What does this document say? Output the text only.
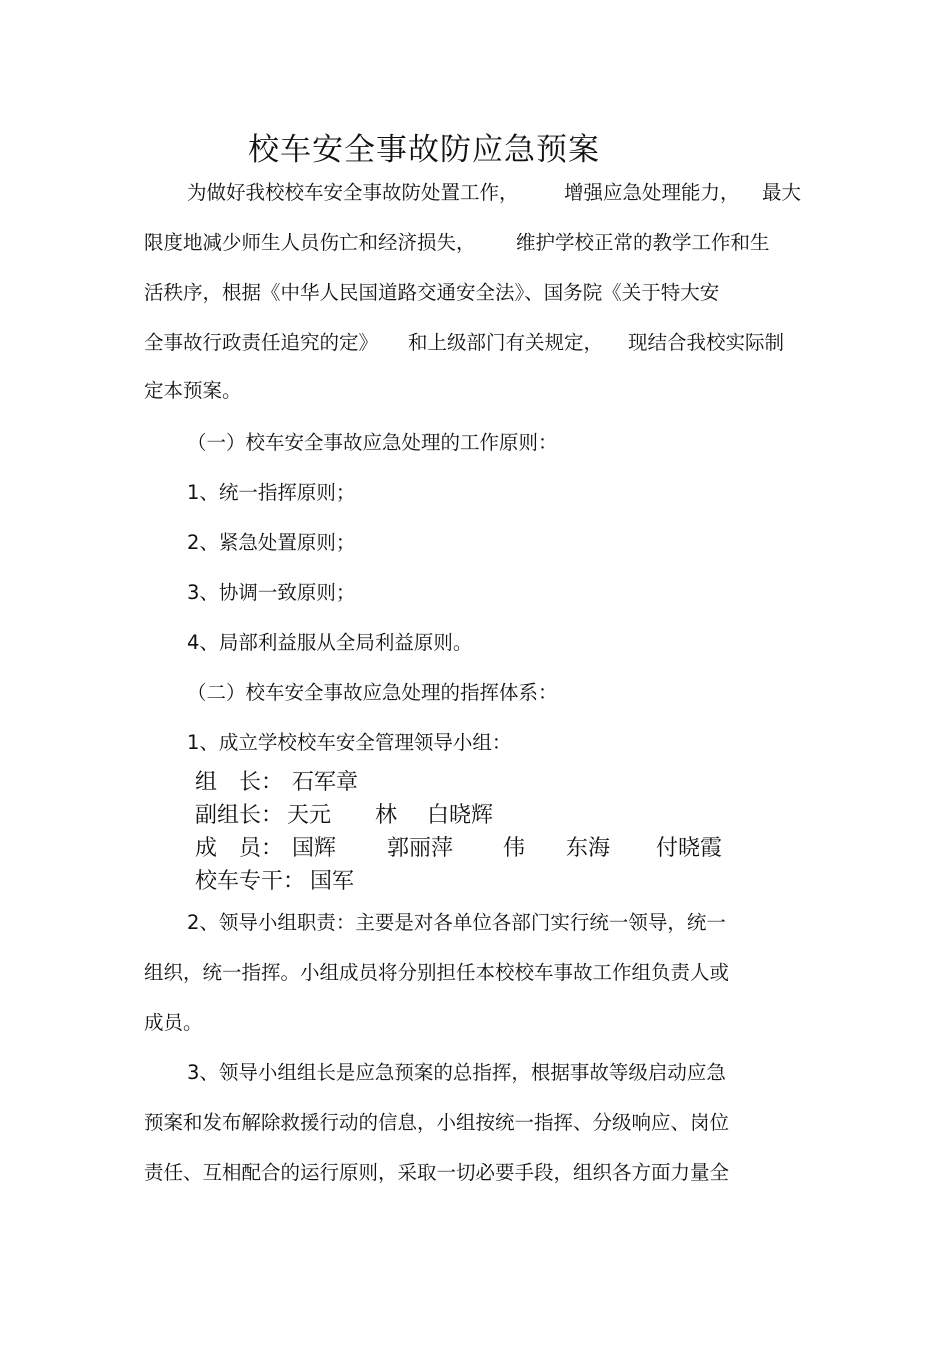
校车安全事故防应急预案
为做好我校校车安全事故防处置工作， 增强应急处理能力， 最大
限度地减少师生人员伤亡和经济损失， 维护学校正常的教学工作和生
活秩序，根据《中华人民国道路交通安全法》、国务院《关于特大安
全事故行政责任追究的定》 和上级部门有关规定， 现结合我校实际制
定本预案。
（一）校车安全事故应急处理的工作原则：
1、统一指挥原则；
2、紧急处置原则；
3、协调一致原则；
4、局部利益服从全局利益原则。
（二）校车安全事故应急处理的指挥体系：
1、成立学校校车安全管理领导小组：
组　长： 石军章
副组长： 天元 林 白晓辉
成　员： 国辉 郭丽萍 伟 东海 付晓霞
校车专干： 国军
2、领导小组职责：主要是对各单位各部门实行统一领导，统一
组织，统一指挥。小组成员将分别担任本校校车事故工作组负责人或
成员。
3、领导小组组长是应急预案的总指挥，根据事故等级启动应急
预案和发布解除救援行动的信息，小组按统一指挥、分级响应、岗位
责任、互相配合的运行原则，采取一切必要手段，组织各方面力量全
